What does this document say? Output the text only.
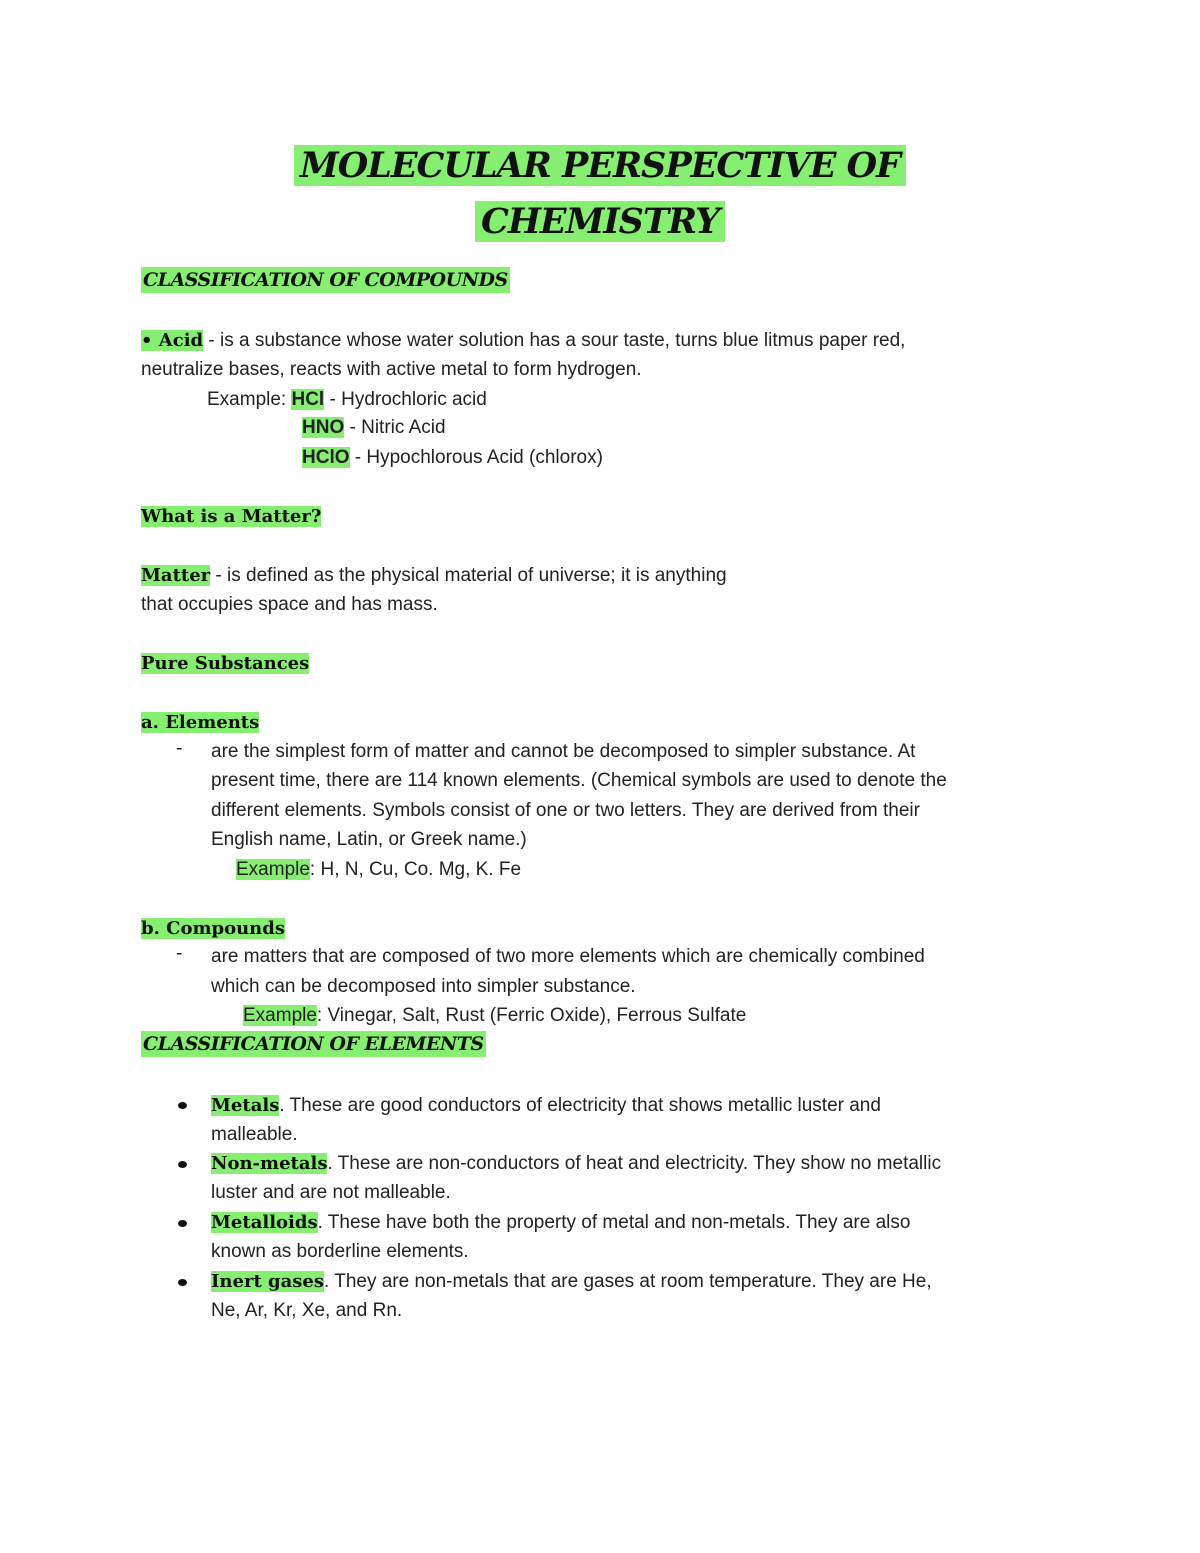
MOLECULAR PERSPECTIVE OF
CHEMISTRY
CLASSIFICATION OF COMPOUNDS
• Acid - is a substance whose water solution has a sour taste, turns blue litmus paper red,
neutralize bases, reacts with active metal to form hydrogen.
Example: HCl - Hydrochloric acid
HNO - Nitric Acid
HClO - Hypochlorous Acid (chlorox)
What is a Matter?
Matter - is defined as the physical material of universe; it is anything
that occupies space and has mass.
Pure Substances
a. Elements
- are the simplest form of matter and cannot be decomposed to simpler substance. At
present time, there are 114 known elements. (Chemical symbols are used to denote the
different elements. Symbols consist of one or two letters. They are derived from their
English name, Latin, or Greek name.)
Example: H, N, Cu, Co. Mg, K. Fe
b. Compounds
- are matters that are composed of two more elements which are chemically combined
which can be decomposed into simpler substance.
Example: Vinegar, Salt, Rust (Ferric Oxide), Ferrous Sulfate
CLASSIFICATION OF ELEMENTS
Metals. These are good conductors of electricity that shows metallic luster and
malleable.
Non-metals. These are non-conductors of heat and electricity. They show no metallic
luster and are not malleable.
Metalloids. These have both the property of metal and non-metals. They are also
known as borderline elements.
Inert gases. They are non-metals that are gases at room temperature. They are He,
Ne, Ar, Kr, Xe, and Rn.
